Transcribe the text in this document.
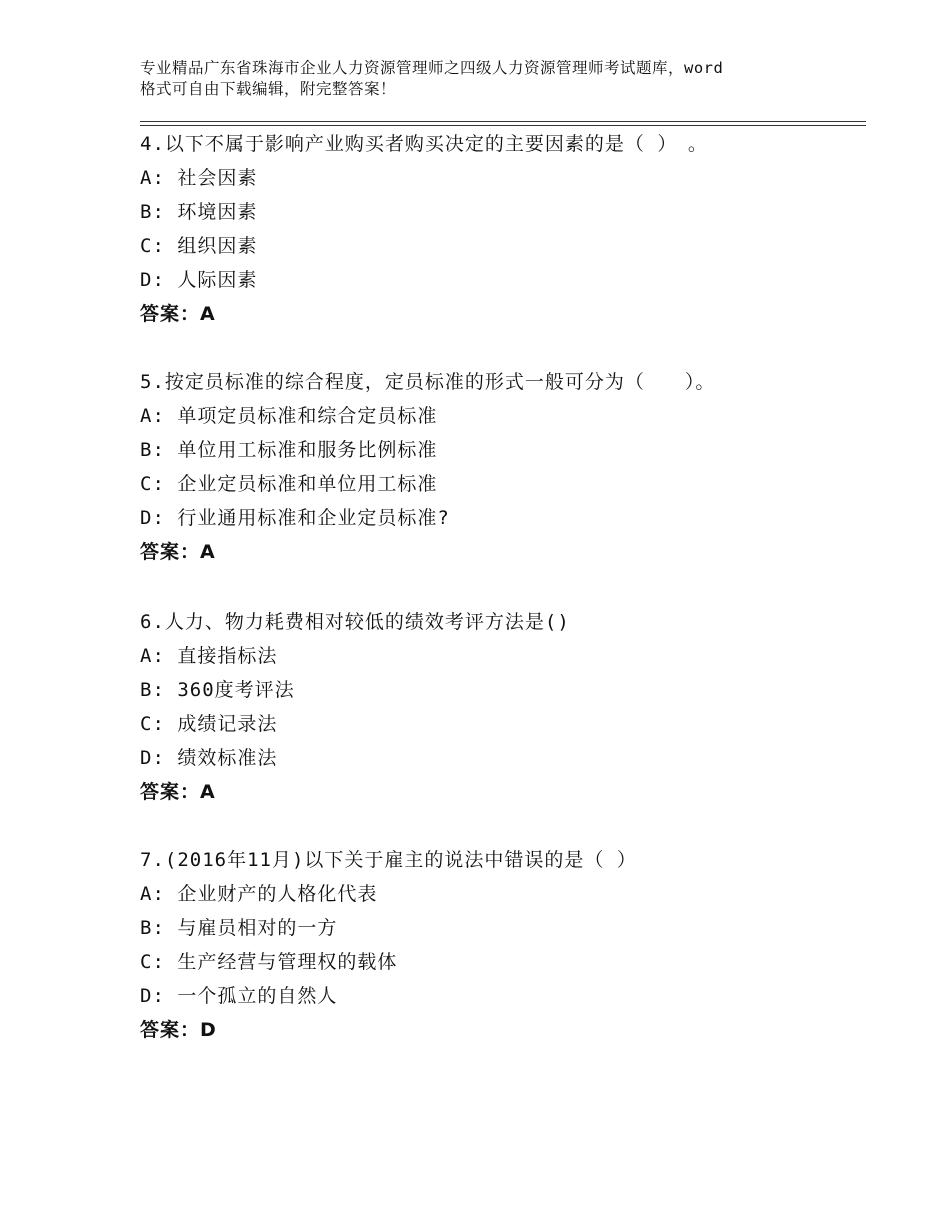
专业精品广东省珠海市企业人力资源管理师之四级人力资源管理师考试题库，word
格式可自由下载编辑，附完整答案！
4.以下不属于影响产业购买者购买决定的主要因素的是（ ）　。
A: 社会因素
B: 环境因素
C: 组织因素
D: 人际因素
答案：A
5.按定员标准的综合程度，定员标准的形式一般可分为（　　）。
A: 单项定员标准和综合定员标准
B: 单位用工标准和服务比例标准
C: 企业定员标准和单位用工标准
D: 行业通用标准和企业定员标准?
答案：A
6.人力、物力耗费相对较低的绩效考评方法是()
A: 直接指标法
B: 360度考评法
C: 成绩记录法
D: 绩效标准法
答案：A
7.(2016年11月)以下关于雇主的说法中错误的是（ ）
A: 企业财产的人格化代表
B: 与雇员相对的一方
C: 生产经营与管理权的载体
D: 一个孤立的自然人
答案：D
